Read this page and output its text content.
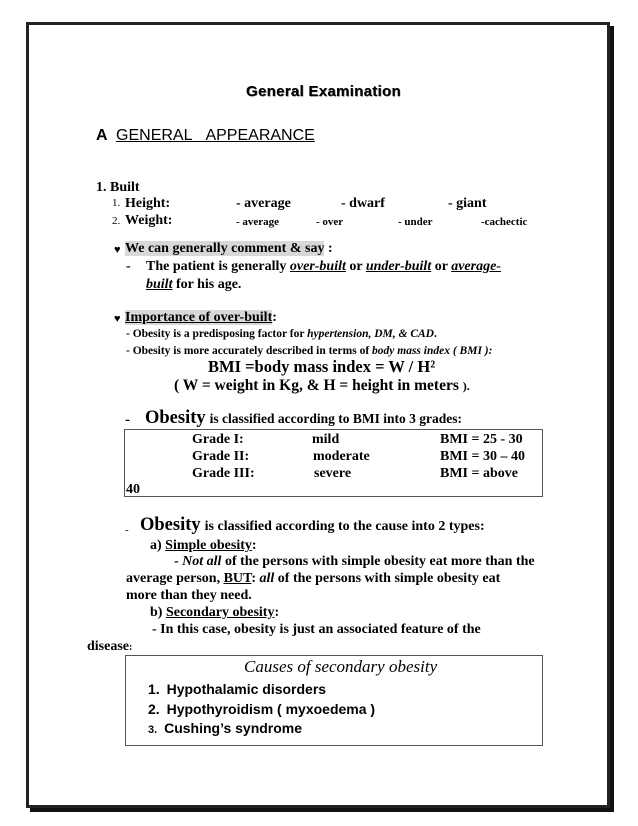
General Examination
A GENERAL APPEARANCE
1. Built
1. Height:	- average	- dwarf	- giant
2. Weight:	- average	- over	- under	-cachectic
♥ We can generally comment & say :
- The patient is generally over-built or under-built or average-
built for his age.
♥ Importance of over-built:
- Obesity is a predisposing factor for hypertension, DM, & CAD.
- Obesity is more accurately described in terms of body mass index ( BMI ):
BMI =body mass index = W / H²
( W = weight in Kg, & H = height in meters ).
- Obesity is classified according to BMI into 3 grades:
Grade I:	mild	BMI = 25 - 30
Grade II:	moderate	BMI = 30 – 40
Grade III:	severe	BMI = above
40
- Obesity is classified according to the cause into 2 types:
a) Simple obesity:
- Not all of the persons with simple obesity eat more than the
average person, BUT: all of the persons with simple obesity eat
more than they need.
b) Secondary obesity:
- In this case, obesity is just an associated feature of the
disease:
Causes of secondary obesity
1. Hypothalamic disorders
2. Hypothyroidism ( myxoedema )
3. Cushing’s syndrome
